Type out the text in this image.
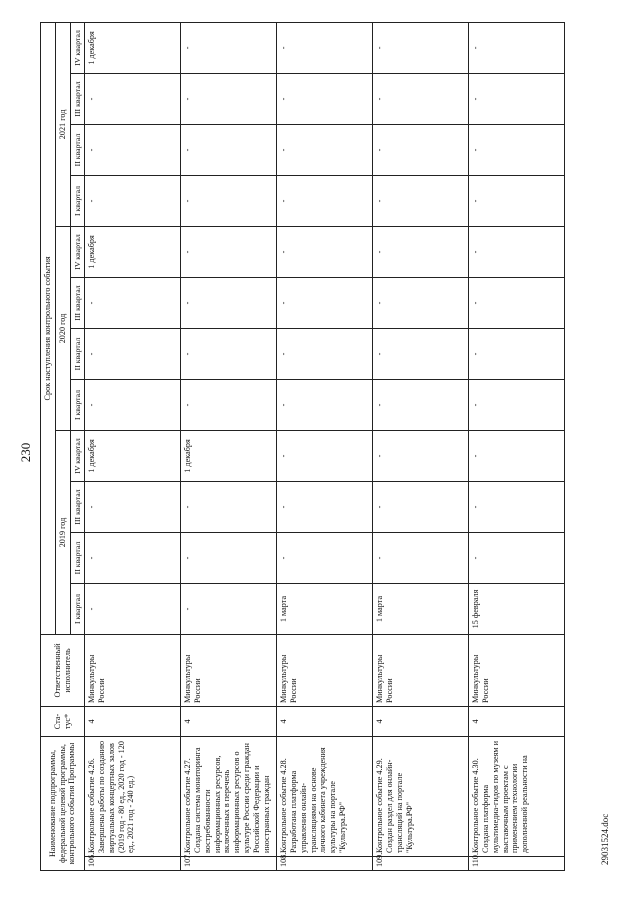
230
Наименование подпрограммы, федеральной целевой программы, контрольного события Программы		Ста-тус*	Ответственный исполнитель	Срок наступления контрольного события											
				2019 год				2020 год				2021 год			
				I квартал	II квартал	III квартал	IV квартал	I квартал	II квартал	III квартал	IV квартал	I квартал	II квартал	III квартал	IV квартал
106.	Контрольное событие 4.26. Завершены работы по созданию виртуальных концертных залов (2019 год - 80 ед., 2020 год - 120 ед., 2021 год - 240 ед.)	4	Минкультуры России	-	-	-	1 декабря	-	-	-	1 декабря	-	-	-	1 декабря
107.	Контрольное событие 4.27. Создана система мониторинга востребованности информационных ресурсов, включенных в перечень информационных ресурсов о культуре России среди граждан Российской Федерации и иностранных граждан	4	Минкультуры России	-	-	-	1 декабря	-	-	-	-	-	-	-	-
108.	Контрольное событие 4.28. Разработана платформа управления онлайн-трансляциями на основе личного кабинета учреждения культуры на портале "Культура.РФ"	4	Минкультуры России	1 марта	-	-	-	-	-	-	-	-	-	-	-
109.	Контрольное событие 4.29. Создан раздел для онлайн-трансляций на портале "Культура.РФ"	4	Минкультуры России	1 марта	-	-	-	-	-	-	-	-	-	-	-
110.	Контрольное событие 4.30. Создана платформа мультимедиа-гидов по музеям и выставочным проектам с применением технологии дополненной реальности на	4	Минкультуры России	15 февраля	-	-	-	-	-	-	-	-	-	-	-
29031524.doc
